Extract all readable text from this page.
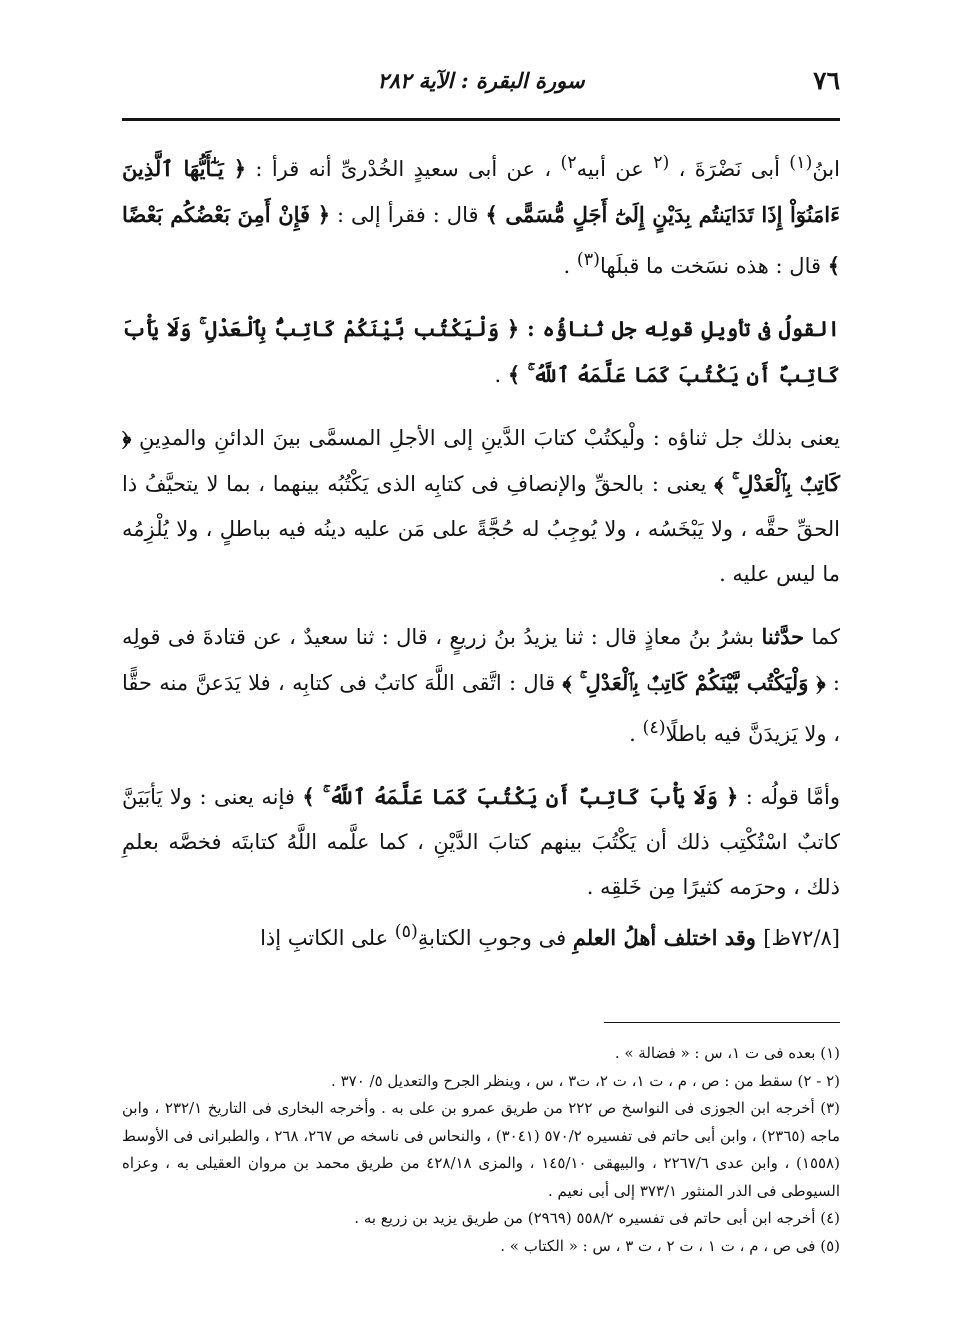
٧٦
سورة البقرة : الآية ٢٨٢

ابنُ$^{(١)}$ أبى نَضْرَةَ ، $^{(٢}$ عن أبيه$^{٢)}$ ، عن أبى سعيدٍ الخُدْرىِّ أنه قرأ : ﴿ يَـٰٓأَيُّهَا ٱلَّذِينَ ءَامَنُوٓاْ إِذَا تَدَايَنتُم بِدَيْنٍ إِلَىٰٓ أَجَلٍ مُّسَمًّى ﴾ قال : فقرأ إلى : ﴿ فَإِنْ أَمِنَ بَعْضُكُم بَعْضًا ﴾ قال : هذه نسَخت ما قبلَها$^{(٣)}$ .

القولُ فى تأويلِ قولِه جل ثناؤُه : ﴿ وَلْيَكْتُب بَّيْنَكُمْ كَاتِبٌۢ بِٱلْعَدْلِ ۚ وَلَا يَأْبَ كَاتِبٌ أَن يَكْتُبَ كَمَا عَلَّمَهُ ٱللَّهُ ۚ ﴾ .

يعنى بذلك جل ثناؤه : ولْيكتُبْ كتابَ الدَّينِ إلى الأجلِ المسمَّى بينَ الدائنِ والمدِينِ ﴿ كَاتِبٌۢ بِٱلْعَدْلِ ۚ ﴾ يعنى : بالحقِّ والإنصافِ فى كتابِه الذى يَكْتُبُه بينهما ، بما لا يتحيَّفُ ذا الحقِّ حقَّه ، ولا يَبْخَسُه ، ولا يُوجِبُ له حُجَّةً على مَن عليه دينُه فيه بباطلٍ ، ولا يُلْزِمُه ما ليس عليه .

كما حدَّثنا بشرُ بنُ معاذٍ قال : ثنا يزيدُ بنُ زريعٍ ، قال : ثنا سعيدٌ ، عن قتادةَ فى قولِه : ﴿ وَلْيَكْتُب بَّيْنَكُمْ كَاتِبٌۢ بِٱلْعَدْلِ ۚ ﴾ قال : اتَّقى اللَّهَ كاتبٌ فى كتابِه ، فلا يَدَعنَّ منه حقًّا ، ولا يَزيدَنَّ فيه باطلًا$^{(٤)}$ .

وأمَّا قولُه : ﴿ وَلَا يَأْبَ كَاتِبٌ أَن يَكْتُبَ كَمَا عَلَّمَهُ ٱللَّهُ ۚ ﴾ فإنه يعنى : ولا يَأبَيَنَّ كاتبٌ اسْتُكْتِب ذلك أن يَكْتُبَ بينهم كتابَ الدَّيْنِ ، كما علَّمه اللَّهُ كتابتَه فخصَّه بعلمِ ذلك ، وحرَمه كثيرًا مِن خَلقِه .

[٧٢/٨ظ] وقد اختلف أهلُ العلمِ فى وجوبِ الكتابةِ$^{(٥)}$ على الكاتبِ إذا

(١) بعده فى ت ١، س : « فضالة » .

(٢ - ٢) سقط من : ص ، م ، ت ١، ت ٢، ت٣ ، س ، وينظر الجرح والتعديل ٥/ ٣٧٠ .

(٣) أخرجه ابن الجوزى فى النواسخ ص ٢٢٢ من طريق عمرو بن على به . وأخرجه البخارى فى التاريخ ٢٣٢/١ ، وابن ماجه (٢٣٦٥) ، وابن أبى حاتم فى تفسيره ٥٧٠/٢ (٣٠٤١) ، والنحاس فى ناسخه ص ٢٦٧، ٢٦٨ ، والطبرانى فى الأوسط (١٥٥٨) ، وابن عدى ٢٢٦٧/٦ ، والبيهقى ١٤٥/١٠ ، والمزى ٤٢٨/١٨ من طريق محمد بن مروان العقيلى به ، وعزاه السيوطى فى الدر المنثور ٣٧٣/١ إلى أبى نعيم .

(٤) أخرجه ابن أبى حاتم فى تفسيره ٥٥٨/٢ (٢٩٦٩) من طريق يزيد بن زريع به .

(٥) فى ص ، م ، ت ١ ، ت ٢ ، ت ٣ ، س : « الكتاب » .
